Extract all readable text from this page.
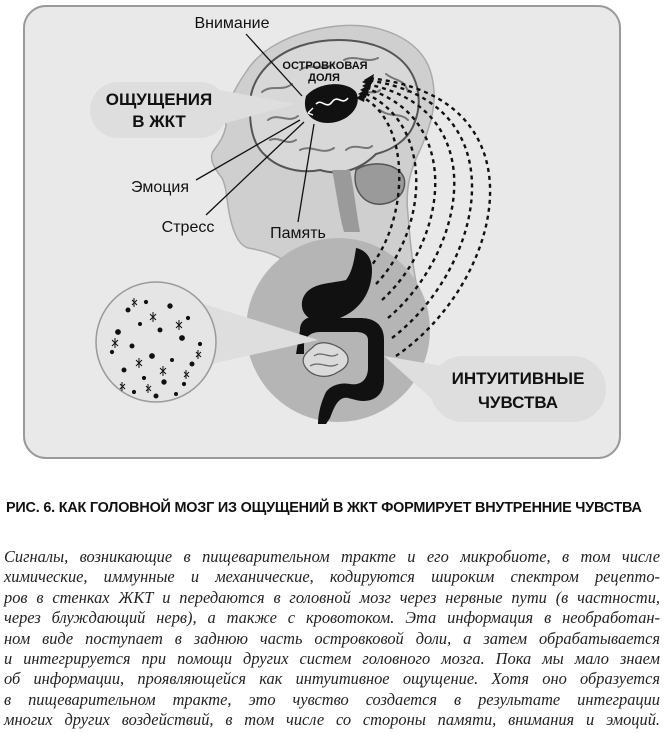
ОСТРОВКОВАЯ
ДОЛЯ
ОЩУЩЕНИЯ
В ЖКТ
Внимание
Эмоция
Стресс	Память
ИНТУИТИВНЫЕ
ЧУВСТВА
РИС. 6. КАК ГОЛОВНОЙ МОЗГ ИЗ ОЩУЩЕНИЙ В ЖКТ ФОРМИРУЕТ ВНУТРЕННИЕ ЧУВСТВА
Сигналы, возникающие в пищеварительном тракте и его микробиоте, в том числе
химические, иммунные и механические, кодируются широким спектром рецепто-
ров в стенках ЖКТ и передаются в головной мозг через нервные пути (в частности,
через блуждающий нерв), а также с кровотоком. Эта информация в необработан-
ном виде поступает в заднюю часть островковой доли, а затем обрабатывается
и интегрируется при помощи других систем головного мозга. Пока мы мало знаем
об информации, проявляющейся как интуитивное ощущение. Хотя оно образуется
в пищеварительном тракте, это чувство создается в результате интеграции
многих других воздействий, в том числе со стороны памяти, внимания и эмоций.
